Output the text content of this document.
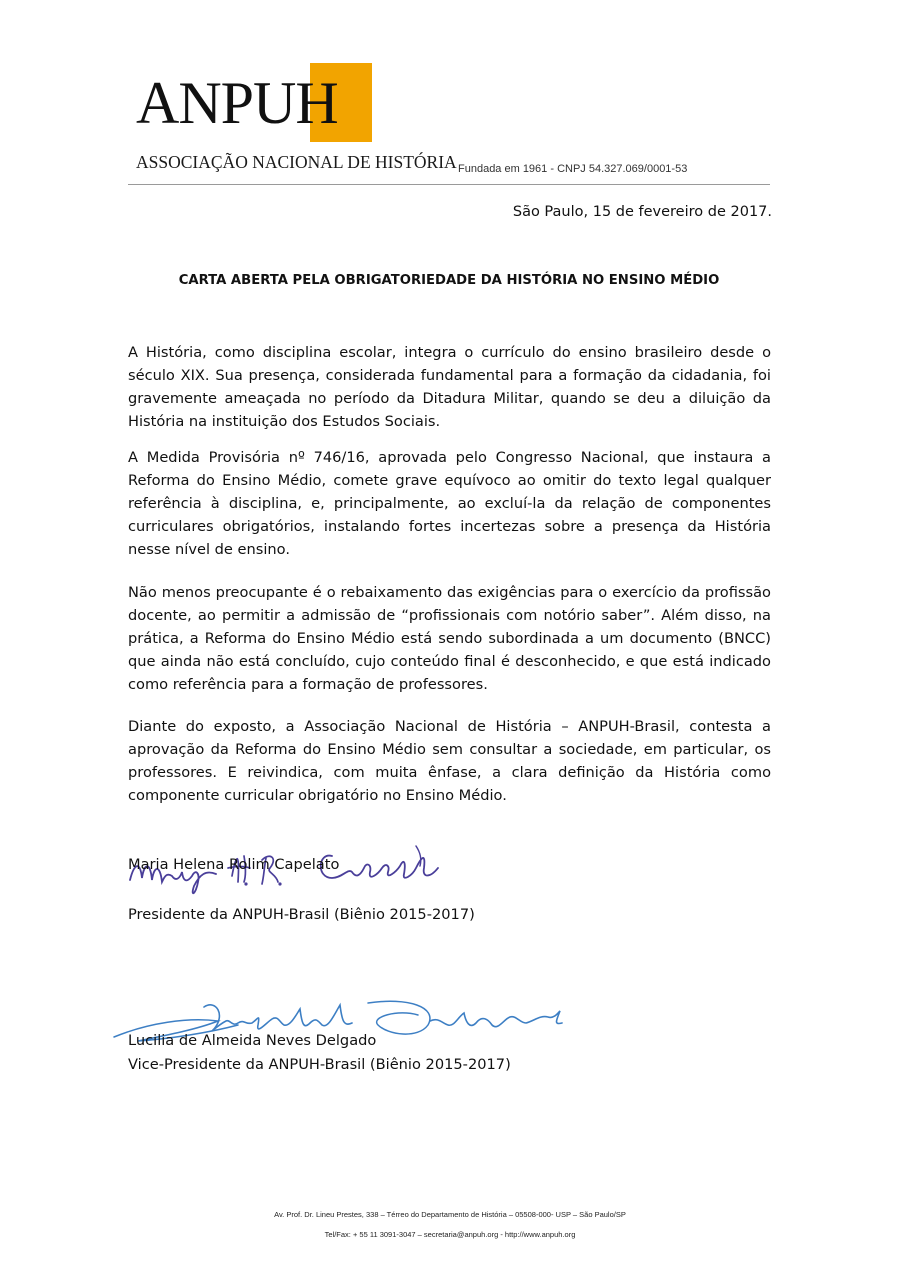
ANPUH
ASSOCIAÇÃO NACIONAL DE HISTÓRIA Fundada em 1961 - CNPJ 54.327.069/0001-53
São Paulo, 15 de fevereiro de 2017.
CARTA ABERTA PELA OBRIGATORIEDADE DA HISTÓRIA NO ENSINO MÉDIO

A História, como disciplina escolar, integra o currículo do ensino brasileiro desde o século XIX. Sua presença, considerada fundamental para a formação da cidadania, foi gravemente ameaçada no período da Ditadura Militar, quando se deu a diluição da História na instituição dos Estudos Sociais.

A Medida Provisória nº 746/16, aprovada pelo Congresso Nacional, que instaura a Reforma do Ensino Médio, comete grave equívoco ao omitir do texto legal qualquer referência à disciplina, e, principalmente, ao excluí-la da relação de componentes curriculares obrigatórios, instalando fortes incertezas sobre a presença da História nesse nível de ensino.

Não menos preocupante é o rebaixamento das exigências para o exercício da profissão docente, ao permitir a admissão de “profissionais com notório saber”. Além disso, na prática, a Reforma do Ensino Médio está sendo subordinada a um documento (BNCC) que ainda não está concluído, cujo conteúdo final é desconhecido, e que está indicado como referência para a formação de professores.

Diante do exposto, a Associação Nacional de História – ANPUH-Brasil, contesta a aprovação da Reforma do Ensino Médio sem consultar a sociedade, em particular, os professores. E reivindica, com muita ênfase, a clara definição da História como componente curricular obrigatório no Ensino Médio.

Maria Helena Rolim Capelato
Presidente da ANPUH-Brasil (Biênio 2015-2017)
Lucilia de Almeida Neves Delgado
Vice-Presidente da ANPUH-Brasil (Biênio 2015-2017)
Av. Prof. Dr. Lineu Prestes, 338 – Térreo do Departamento de História – 05508-000- USP – São Paulo/SP
Tel/Fax: + 55 11 3091-3047 – secretaria@anpuh.org - http://www.anpuh.org
